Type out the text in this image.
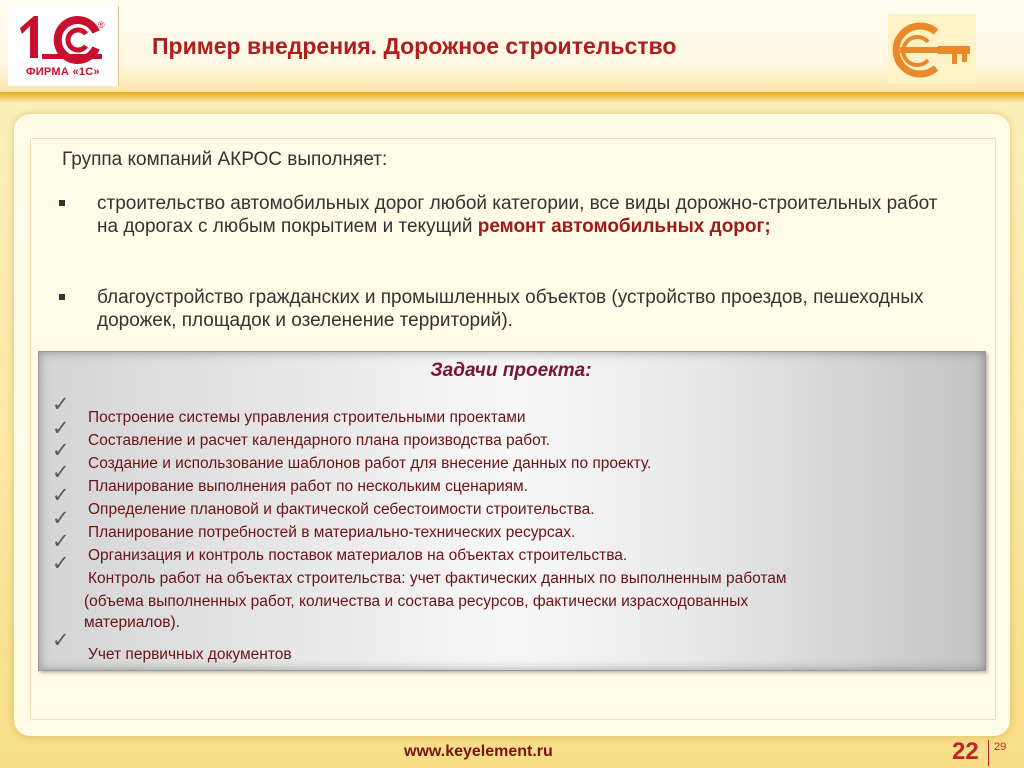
®
ФИРМА «1С»
Пример внедрения. Дорожное строительство
Группа компаний АКРОС выполняет:
строительство автомобильных дорог любой категории, все виды дорожно-строительных работ на дорогах с любым покрытием и текущий ремонт автомобильных дорог;
благоустройство гражданских и промышленных объектов (устройство проездов, пешеходных дорожек, площадок и озеленение территорий).
Задачи проекта:
✓
✓
✓
✓
✓
✓
✓
✓
✓
Построение системы управления строительными проектами
Составление и расчет календарного плана производства работ.
Создание и использование шаблонов работ для внесение данных по проекту.
Планирование выполнения работ по нескольким сценариям.
Определение плановой и фактической себестоимости строительства.
Планирование потребностей в материально-технических ресурсах.
Организация и контроль поставок материалов на объектах строительства.
Контроль работ на объектах строительства: учет фактических данных по выполненным работам
(объема выполненных работ, количества и состава ресурсов, фактически израсходованных
материалов).
Учет первичных документов
www.keyelement.ru	22 29
